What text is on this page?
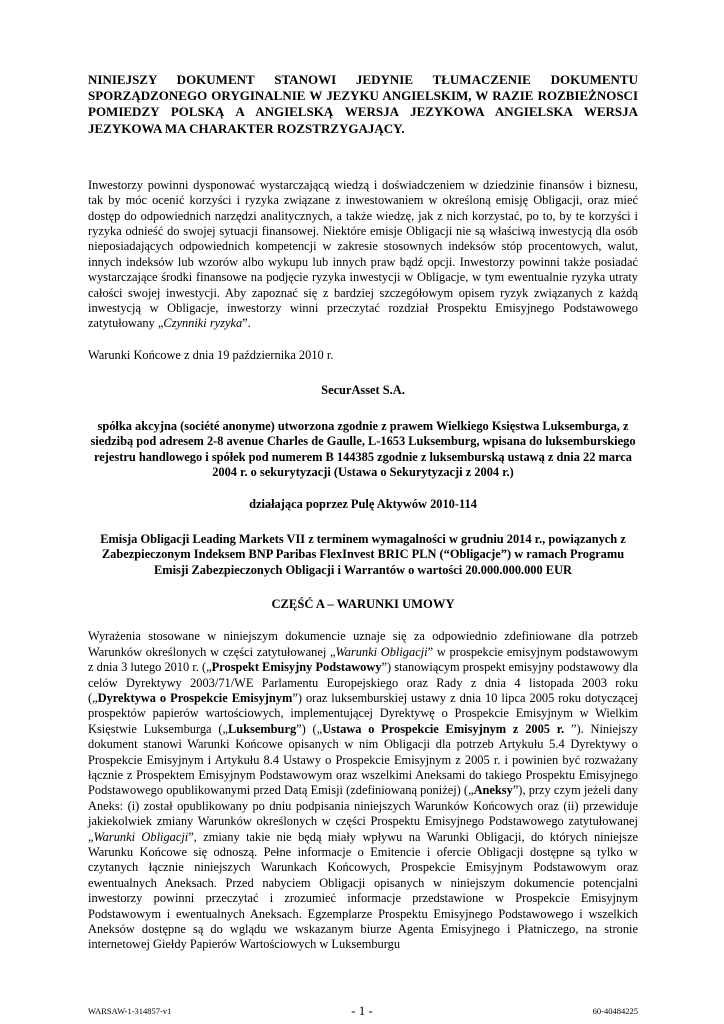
NINIEJSZY DOKUMENT STANOWI JEDYNIE TŁUMACZENIE DOKUMENTU SPORZĄDZONEGO ORYGINALNIE W JEZYKU ANGIELSKIM, W RAZIE ROZBIEŻNOSCI POMIEDZY POLSKĄ A ANGIELSKĄ WERSJA JEZYKOWA ANGIELSKA WERSJA JEZYKOWA MA CHARAKTER ROZSTRZYGAJĄCY.

Inwestorzy powinni dysponować wystarczającą wiedzą i doświadczeniem w dziedzinie finansów i biznesu, tak by móc ocenić korzyści i ryzyka związane z inwestowaniem w określoną emisję Obligacji, oraz mieć dostęp do odpowiednich narzędzi analitycznych, a także wiedzę, jak z nich korzystać, po to, by te korzyści i ryzyka odnieść do swojej sytuacji finansowej. Niektóre emisje Obligacji nie są właściwą inwestycją dla osób nieposiadających odpowiednich kompetencji w zakresie stosownych indeksów stóp procentowych, walut, innych indeksów lub wzorów albo wykupu lub innych praw bądź opcji. Inwestorzy powinni także posiadać wystarczające środki finansowe na podjęcie ryzyka inwestycji w Obligacje, w tym ewentualnie ryzyka utraty całości swojej inwestycji. Aby zapoznać się z bardziej szczegółowym opisem ryzyk związanych z każdą inwestycją w Obligacje, inwestorzy winni przeczytać rozdział Prospektu Emisyjnego Podstawowego zatytułowany „Czynniki ryzyka”.

Warunki Końcowe z dnia 19 października 2010 r.

SecurAsset S.A.

spółka akcyjna (société anonyme) utworzona zgodnie z prawem Wielkiego Księstwa Luksemburga, z siedzibą pod adresem 2-8 avenue Charles de Gaulle, L-1653 Luksemburg, wpisana do luksemburskiego rejestru handlowego i spółek pod numerem B 144385 zgodnie z luksemburską ustawą z dnia 22 marca 2004 r. o sekurytyzacji (Ustawa o Sekurytyzacji z 2004 r.)

działająca poprzez Pulę Aktywów 2010-114

Emisja Obligacji Leading Markets VII z terminem wymagalności w grudniu 2014 r., powiązanych z Zabezpieczonym Indeksem BNP Paribas FlexInvest BRIC PLN (“Obligacje”) w ramach Programu Emisji Zabezpieczonych Obligacji i Warrantów o wartości 20.000.000.000 EUR

CZĘŚĆ A – WARUNKI UMOWY

Wyrażenia stosowane w niniejszym dokumencie uznaje się za odpowiednio zdefiniowane dla potrzeb Warunków określonych w części zatytułowanej „Warunki Obligacji” w prospekcie emisyjnym podstawowym z dnia 3 lutego 2010 r. („Prospekt Emisyjny Podstawowy”) stanowiącym prospekt emisyjny podstawowy dla celów Dyrektywy 2003/71/WE Parlamentu Europejskiego oraz Rady z dnia 4 listopada 2003 roku („Dyrektywa o Prospekcie Emisyjnym”) oraz luksemburskiej ustawy z dnia 10 lipca 2005 roku dotyczącej prospektów papierów wartościowych, implementującej Dyrektywę o Prospekcie Emisyjnym w Wielkim Księstwie Luksemburga („Luksemburg”) („Ustawa o Prospekcie Emisyjnym z 2005 r. ”). Niniejszy dokument stanowi Warunki Końcowe opisanych w nim Obligacji dla potrzeb Artykułu 5.4 Dyrektywy o Prospekcie Emisyjnym i Artykułu 8.4 Ustawy o Prospekcie Emisyjnym z 2005 r. i powinien być rozważany łącznie z Prospektem Emisyjnym Podstawowym oraz wszelkimi Aneksami do takiego Prospektu Emisyjnego Podstawowego opublikowanymi przed Datą Emisji (zdefiniowaną poniżej) („Aneksy”), przy czym jeżeli dany Aneks: (i) został opublikowany po dniu podpisania niniejszych Warunków Końcowych oraz (ii) przewiduje jakiekolwiek zmiany Warunków określonych w części Prospektu Emisyjnego Podstawowego zatytułowanej „Warunki Obligacji”, zmiany takie nie będą miały wpływu na Warunki Obligacji, do których niniejsze Warunku Końcowe się odnoszą. Pełne informacje o Emitencie i ofercie Obligacji dostępne są tylko w czytanych łącznie niniejszych Warunkach Końcowych, Prospekcie Emisyjnym Podstawowym oraz ewentualnych Aneksach. Przed nabyciem Obligacji opisanych w niniejszym dokumencie potencjalni inwestorzy powinni przeczytać i zrozumieć informacje przedstawione w Prospekcie Emisyjnym Podstawowym i ewentualnych Aneksach. Egzemplarze Prospektu Emisyjnego Podstawowego i wszelkich Aneksów dostępne są do wglądu we wskazanym biurze Agenta Emisyjnego i Płatniczego, na stronie internetowej Giełdy Papierów Wartościowych w Luksemburgu

WARSAW-1-314857-v1	- 1 -	60-40484225
